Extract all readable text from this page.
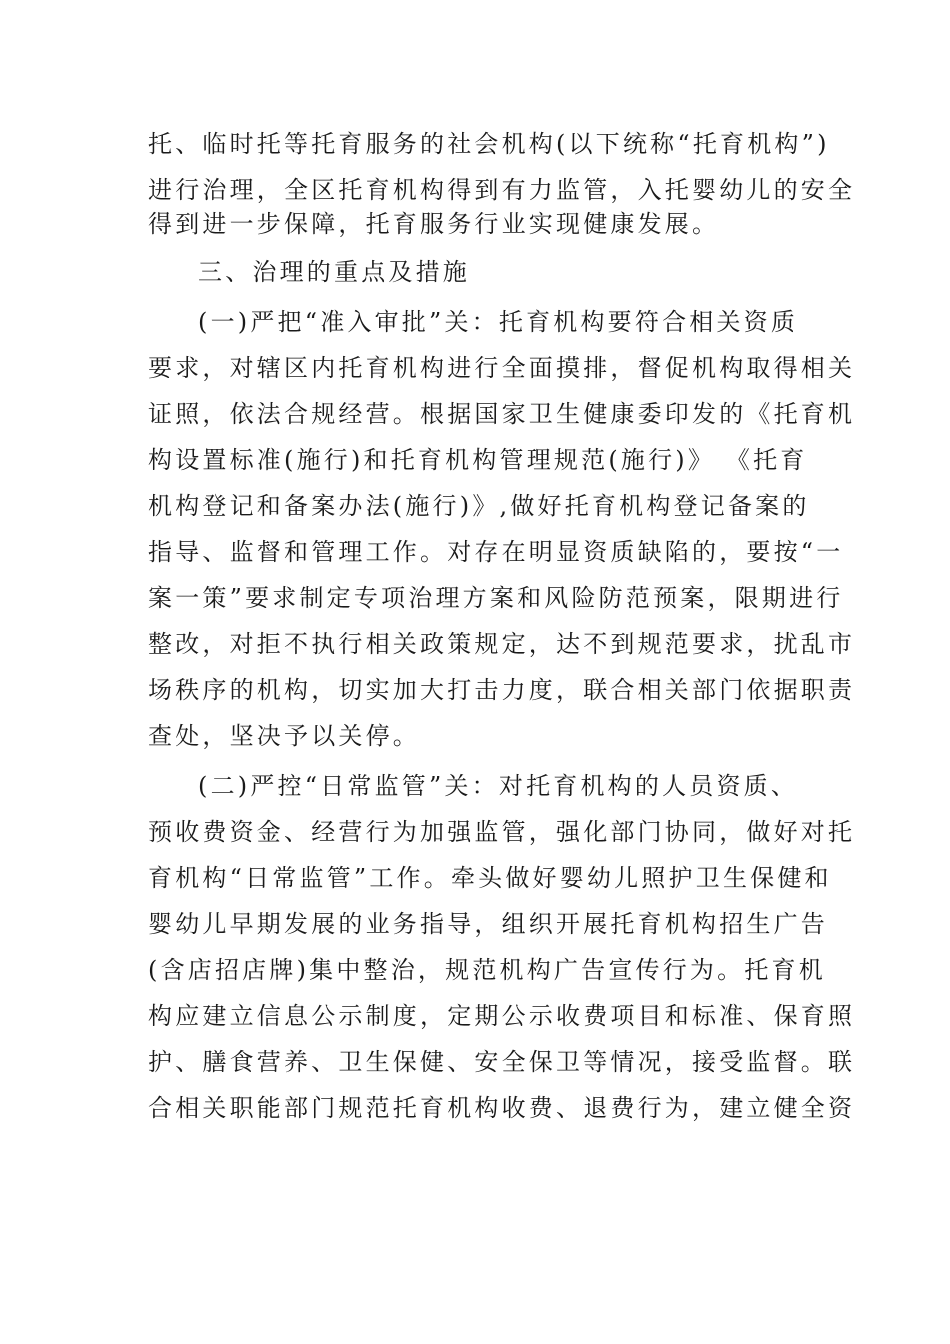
托、临时托等托育服务的社会机构(以下统称“托育机构”)
进行治理，全区托育机构得到有力监管，入托婴幼儿的安全
得到进一步保障，托育服务行业实现健康发展。
三、治理的重点及措施
(一)严把“准入审批”关：托育机构要符合相关资质
要求，对辖区内托育机构进行全面摸排，督促机构取得相关
证照，依法合规经营。根据国家卫生健康委印发的《托育机
构设置标准(施行)和托育机构管理规范(施行)》 《托育
机构登记和备案办法(施行)》,做好托育机构登记备案的
指导、监督和管理工作。对存在明显资质缺陷的，要按“一
案一策”要求制定专项治理方案和风险防范预案，限期进行
整改，对拒不执行相关政策规定，达不到规范要求，扰乱市
场秩序的机构，切实加大打击力度，联合相关部门依据职责
查处，坚决予以关停。
(二)严控“日常监管”关：对托育机构的人员资质、
预收费资金、经营行为加强监管，强化部门协同，做好对托
育机构“日常监管”工作。牵头做好婴幼儿照护卫生保健和
婴幼儿早期发展的业务指导，组织开展托育机构招生广告
(含店招店牌)集中整治，规范机构广告宣传行为。托育机
构应建立信息公示制度，定期公示收费项目和标准、保育照
护、膳食营养、卫生保健、安全保卫等情况，接受监督。联
合相关职能部门规范托育机构收费、退费行为，建立健全资
